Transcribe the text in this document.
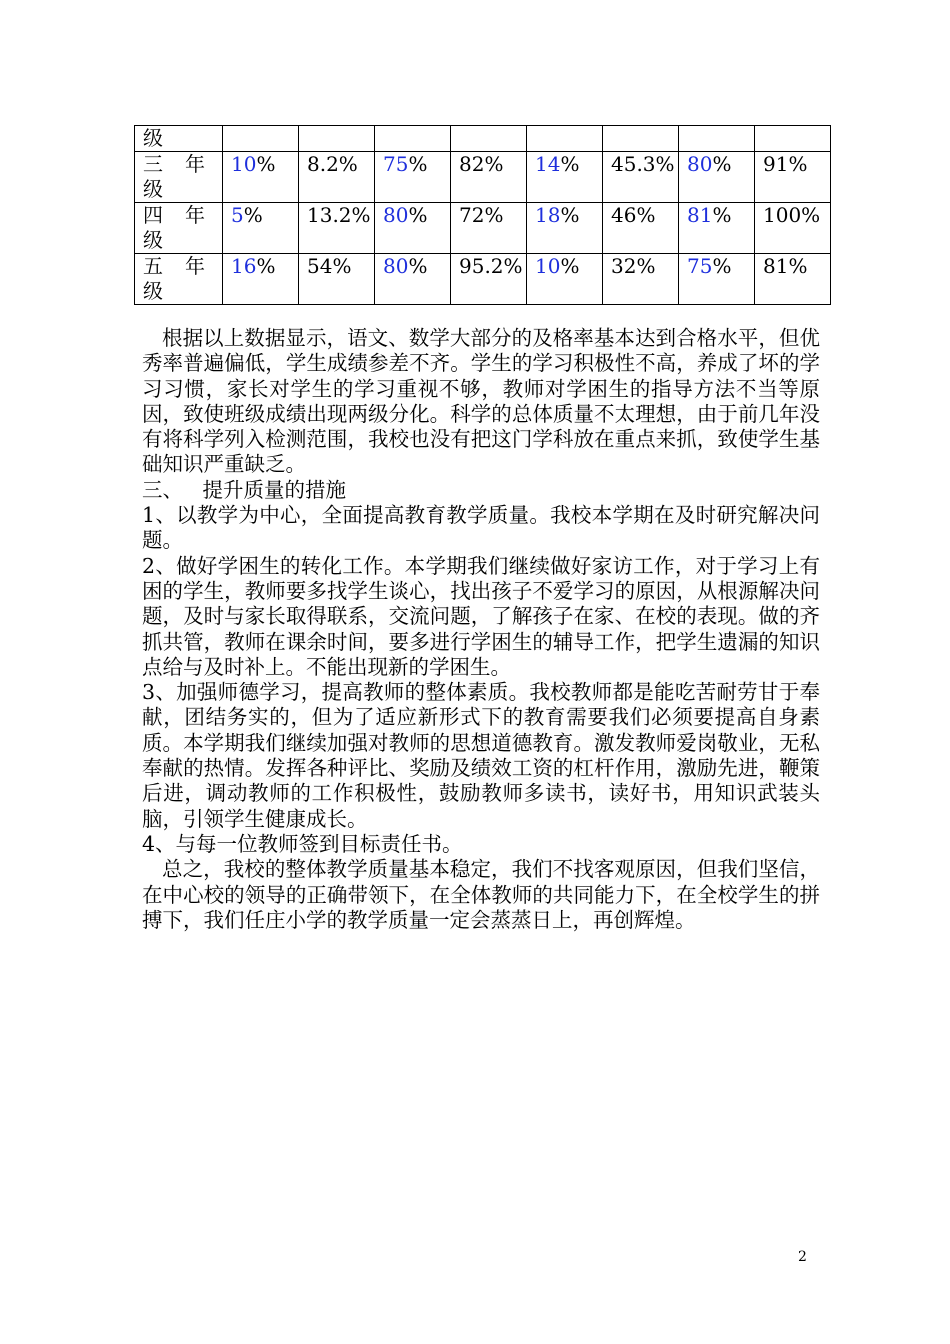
级								

三 年
级	10%	8.2%	75%	82%	14%	45.3%	80%	91%

四 年
级	5%	13.2%	80%	72%	18%	46%	81%	100%

五 年
级	16%	54%	80%	95.2%	10%	32%	75%	81%

根据以上数据显示，语文、数学大部分的及格率基本达到合格水平，但优秀率普遍偏低，学生成绩参差不齐。学生的学习积极性不高，养成了坏的学习习惯，家长对学生的学习重视不够，教师对学困生的指导方法不当等原因，致使班级成绩出现两级分化。科学的总体质量不太理想，由于前几年没有将科学列入检测范围，我校也没有把这门学科放在重点来抓，致使学生基础知识严重缺乏。

三、   提升质量的措施

1、以教学为中心，全面提高教育教学质量。我校本学期在及时研究解决问题。

2、做好学困生的转化工作。本学期我们继续做好家访工作，对于学习上有困的学生，教师要多找学生谈心，找出孩子不爱学习的原因，从根源解决问题，及时与家长取得联系，交流问题，了解孩子在家、在校的表现。做的齐抓共管，教师在课余时间，要多进行学困生的辅导工作，把学生遗漏的知识点给与及时补上。不能出现新的学困生。

3、加强师德学习，提高教师的整体素质。我校教师都是能吃苦耐劳甘于奉献，团结务实的，但为了适应新形式下的教育需要我们必须要提高自身素质。本学期我们继续加强对教师的思想道德教育。激发教师爱岗敬业，无私奉献的热情。发挥各种评比、奖励及绩效工资的杠杆作用，激励先进，鞭策后进，调动教师的工作积极性，鼓励教师多读书，读好书，用知识武装头脑，引领学生健康成长。

4、与每一位教师签到目标责任书。

总之，我校的整体教学质量基本稳定，我们不找客观原因，但我们坚信，在中心校的领导的正确带领下，在全体教师的共同能力下，在全校学生的拼搏下，我们任庄小学的教学质量一定会蒸蒸日上，再创辉煌。

2
